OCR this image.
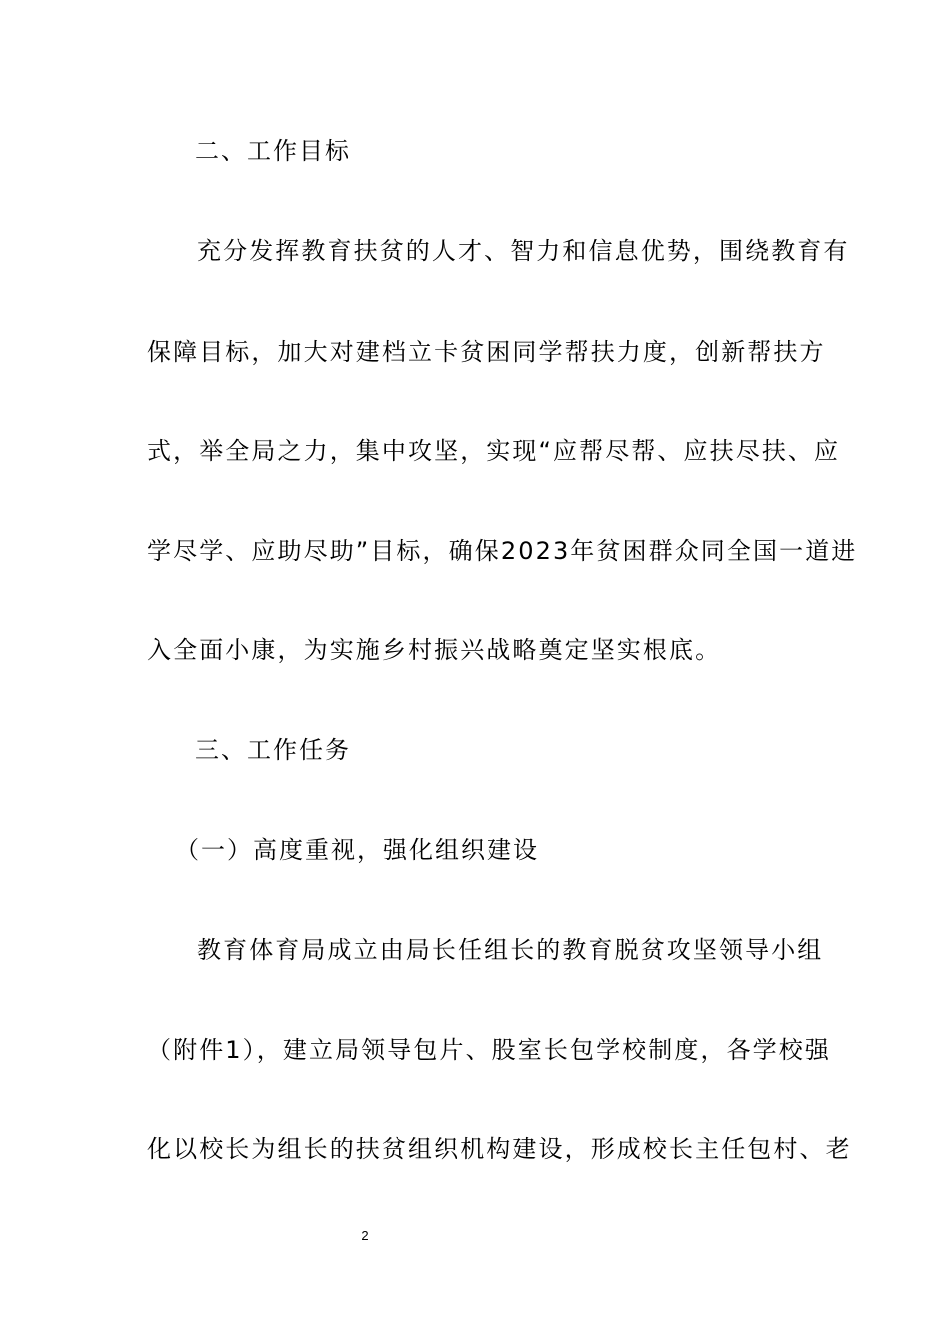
二、工作目标
充分发挥教育扶贫的人才、智力和信息优势，围绕教育有
保障目标，加大对建档立卡贫困同学帮扶力度，创新帮扶方
式，举全局之力，集中攻坚，实现“应帮尽帮、应扶尽扶、应
学尽学、应助尽助”目标，确保2023年贫困群众同全国一道进
入全面小康，为实施乡村振兴战略奠定坚实根底。
三、工作任务
（一）高度重视，强化组织建设
教育体育局成立由局长任组长的教育脱贫攻坚领导小组
（附件1），建立局领导包片、股室长包学校制度，各学校强
化以校长为组长的扶贫组织机构建设，形成校长主任包村、老
2
